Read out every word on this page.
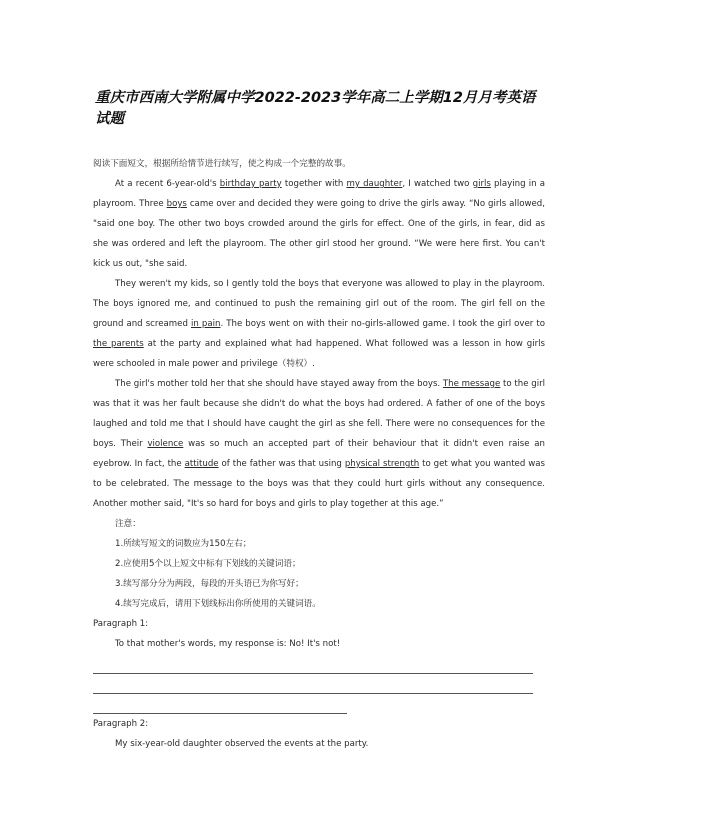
重庆市西南大学附属中学2022-2023学年高二上学期12月月考英语试题

阅读下面短文，根据所给情节进行续写，使之构成一个完整的故事。

At a recent 6-year-old's birthday party together with my daughter, I watched two girls playing in a playroom. Three boys came over and decided they were going to drive the girls away. “No girls allowed, "said one boy. The other two boys crowded around the girls for effect. One of the girls, in fear, did as she was ordered and left the playroom. The other girl stood her ground. “We were here first. You can't kick us out, "she said.

They weren't my kids, so I gently told the boys that everyone was allowed to play in the playroom. The boys ignored me, and continued to push the remaining girl out of the room. The girl fell on the ground and screamed in pain. The boys went on with their no-girls-allowed game. I took the girl over to the parents at the party and explained what had happened. What followed was a lesson in how girls were schooled in male power and privilege（特权）.

The girl's mother told her that she should have stayed away from the boys. The message to the girl was that it was her fault because she didn't do what the boys had ordered. A father of one of the boys laughed and told me that I should have caught the girl as she fell. There were no consequences for the boys. Their violence was so much an accepted part of their behaviour that it didn't even raise an eyebrow. In fact, the attitude of the father was that using physical strength to get what you wanted was to be celebrated. The message to the boys was that they could hurt girls without any consequence. Another mother said, "It's so hard for boys and girls to play together at this age.”

注意：

1.所续写短文的词数应为150左右；

2.应使用5个以上短文中标有下划线的关键词语；

3.续写部分分为两段，每段的开头语已为你写好；

4.续写完成后，请用下划线标出你所使用的关键词语。

Paragraph 1:

To that mother's words, my response is: No! It's not!

Paragraph 2:

My six-year-old daughter observed the events at the party.
